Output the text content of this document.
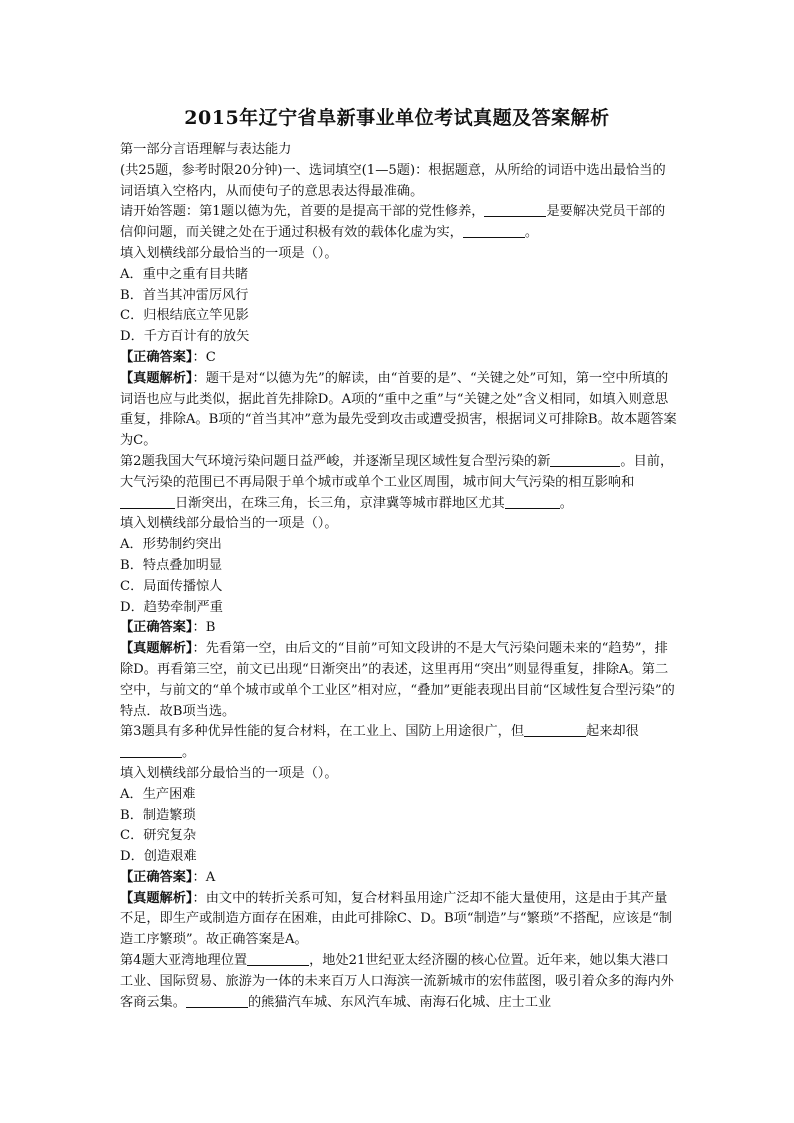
2015年辽宁省阜新事业单位考试真题及答案解析

第一部分言语理解与表达能力

(共25题，参考时限20分钟)一、选词填空(1—5题)：根据题意，从所给的词语中选出最恰当的词语填入空格内，从而使句子的意思表达得最准确。

请开始答题：第1题以德为先，首要的是提高干部的党性修养，	是要解决党员干部的信仰问题，而关键之处在于通过积极有效的载体化虚为实，	。

填入划横线部分最恰当的一项是（）。

A．重中之重有目共睹

B．首当其冲雷厉风行

C．归根结底立竿见影

D．千方百计有的放矢

【正确答案】：C

【真题解析】：题干是对“以德为先”的解读，由“首要的是”、“关键之处”可知，第一空中所填的词语也应与此类似，据此首先排除D。A项的“重中之重”与“关键之处”含义相同，如填入则意思重复，排除A。B项的“首当其冲”意为最先受到攻击或遭受损害，根据词义可排除B。故本题答案为C。

第2题我国大气环境污染问题日益严峻，并逐渐呈现区域性复合型污染的新	。目前，大气污染的范围已不再局限于单个城市或单个工业区周围，城市间大气污染的相互影响和日渐突出，在珠三角，长三角，京津冀等城市群地区尤其	。

填入划横线部分最恰当的一项是（）。

A．形势制约突出

B．特点叠加明显

C．局面传播惊人

D．趋势牵制严重

【正确答案】：B

【真题解析】：先看第一空，由后文的“目前”可知文段讲的不是大气污染问题未来的“趋势”，排除D。再看第三空，前文已出现“日渐突出”的表述，这里再用“突出”则显得重复，排除A。第二空中，与前文的“单个城市或单个工业区”相对应，“叠加”更能表现出目前“区域性复合型污染”的特点．故B项当选。

第3题具有多种优异性能的复合材料，在工业上、国防上用途很广，但	起来却很。

填入划横线部分最恰当的一项是（）。

A．生产困难

B．制造繁琐

C．研究复杂

D．创造艰难

【正确答案】：A

【真题解析】：由文中的转折关系可知，复合材料虽用途广泛却不能大量使用，这是由于其产量不足，即生产或制造方面存在困难，由此可排除C、D。B项“制造”与“繁琐”不搭配，应该是“制造工序繁琐”。故正确答案是A。

第4题大亚湾地理位置	，地处21世纪亚太经济圈的核心位置。近年来，她以集大港口工业、国际贸易、旅游为一体的未来百万人口海滨一流新城市的宏伟蓝图，吸引着众多的海内外客商云集。	的熊猫汽车城、东风汽车城、南海石化城、庄士工业
